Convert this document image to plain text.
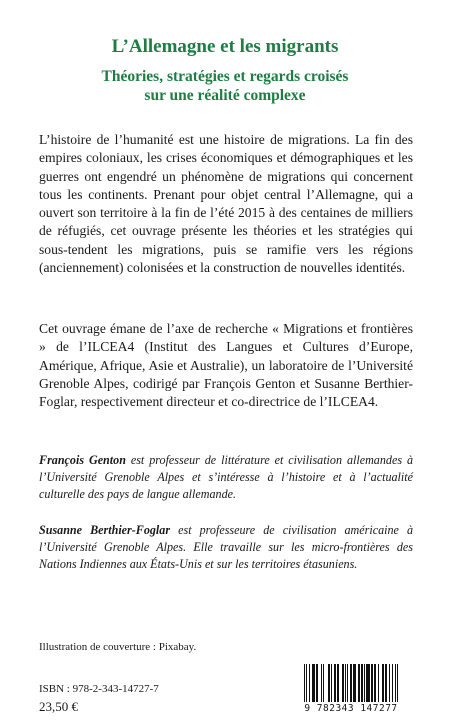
L’Allemagne et les migrants
Théories, stratégies et regards croisés
sur une réalité complexe

L’histoire de l’humanité est une histoire de migrations. La fin des empires coloniaux, les crises économiques et démographiques et les guerres ont engendré un phénomène de migrations qui concernent tous les continents. Prenant pour objet central l’Allemagne, qui a ouvert son territoire à la fin de l’été 2015 à des centaines de milliers de réfugiés, cet ouvrage présente les théories et les stratégies qui sous-tendent les migrations, puis se ramifie vers les régions (anciennement) colonisées et la construction de nouvelles identités.

Cet ouvrage émane de l’axe de recherche « Migrations et frontières » de l’ILCEA4 (Institut des Langues et Cultures d’Europe, Amérique, Afrique, Asie et Australie), un laboratoire de l’Université Grenoble Alpes, codirigé par François Genton et Susanne Berthier-Foglar, respectivement directeur et co-directrice de l’ILCEA4.

François Genton est professeur de littérature et civilisation allemandes à l’Université Grenoble Alpes et s’intéresse à l’histoire et à l’actualité culturelle des pays de langue allemande.

Susanne Berthier-Foglar est professeure de civilisation américaine à l’Université Grenoble Alpes. Elle travaille sur les micro-frontières des Nations Indiennes aux États-Unis et sur les territoires étasuniens.

Illustration de couverture : Pixabay.

ISBN : 978-2-343-14727-7

23,50 €	9 782343 147277
